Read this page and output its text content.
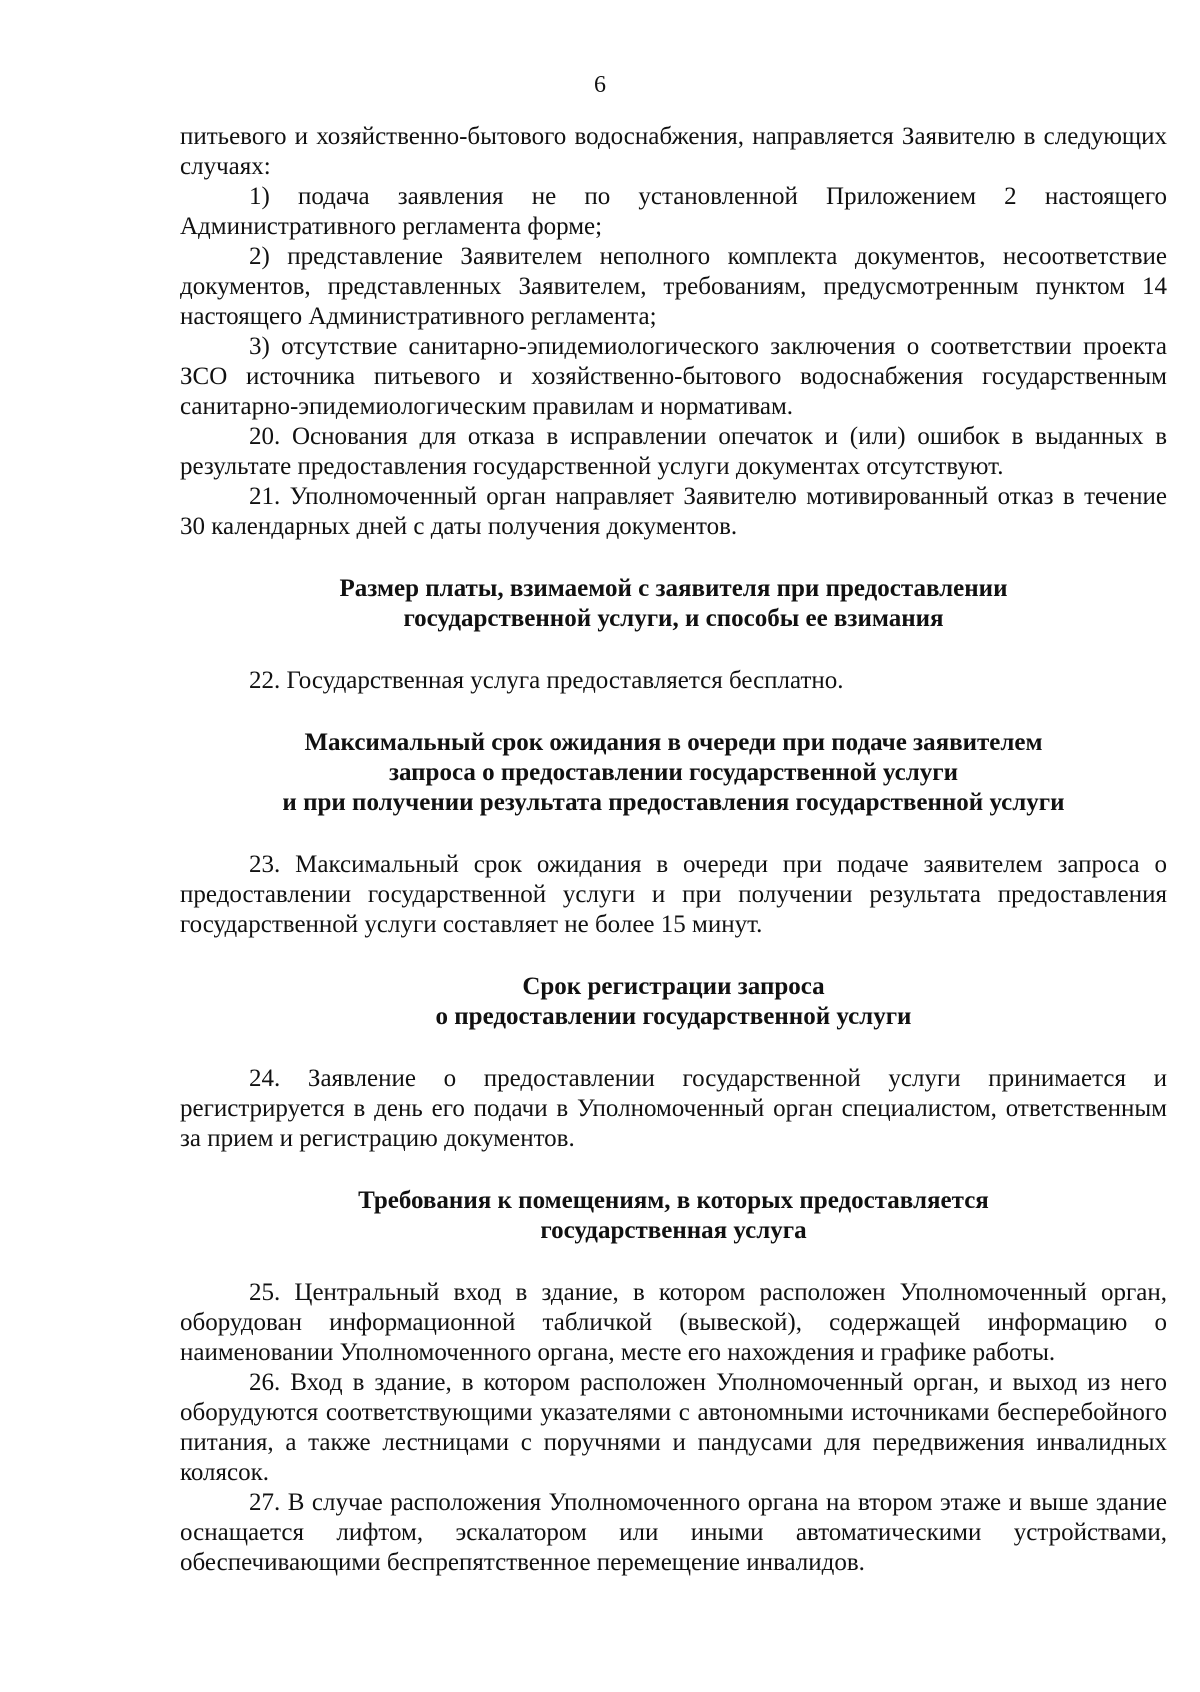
6

питьевого и хозяйственно-бытового водоснабжения, направляется Заявителю в следующих случаях:

1) подача заявления не по установленной Приложением 2 настоящего Административного регламента форме;

2) представление Заявителем неполного комплекта документов, несоответствие документов, представленных Заявителем, требованиям, предусмотренным пунктом 14 настоящего Административного регламента;

3) отсутствие санитарно-эпидемиологического заключения о соответствии проекта ЗСО источника питьевого и хозяйственно-бытового водоснабжения государственным санитарно-эпидемиологическим правилам и нормативам.

20. Основания для отказа в исправлении опечаток и (или) ошибок в выданных в результате предоставления государственной услуги документах отсутствуют.

21. Уполномоченный орган направляет Заявителю мотивированный отказ в течение 30 календарных дней с даты получения документов.

Размер платы, взимаемой с заявителя при предоставлении
государственной услуги, и способы ее взимания

22. Государственная услуга предоставляется бесплатно.

Максимальный срок ожидания в очереди при подаче заявителем
запроса о предоставлении государственной услуги
и при получении результата предоставления государственной услуги

23. Максимальный срок ожидания в очереди при подаче заявителем запроса о предоставлении государственной услуги и при получении результата предоставления государственной услуги составляет не более 15 минут.

Срок регистрации запроса
о предоставлении государственной услуги

24. Заявление о предоставлении государственной услуги принимается и регистрируется в день его подачи в Уполномоченный орган специалистом, ответственным за прием и регистрацию документов.

Требования к помещениям, в которых предоставляется
государственная услуга

25. Центральный вход в здание, в котором расположен Уполномоченный орган, оборудован информационной табличкой (вывеской), содержащей информацию о наименовании Уполномоченного органа, месте его нахождения и графике работы.

26. Вход в здание, в котором расположен Уполномоченный орган, и выход из него оборудуются соответствующими указателями с автономными источниками бесперебойного питания, а также лестницами с поручнями и пандусами для передвижения инвалидных колясок.

27. В случае расположения Уполномоченного органа на втором этаже и выше здание оснащается лифтом, эскалатором или иными автоматическими устройствами, обеспечивающими беспрепятственное перемещение инвалидов.
